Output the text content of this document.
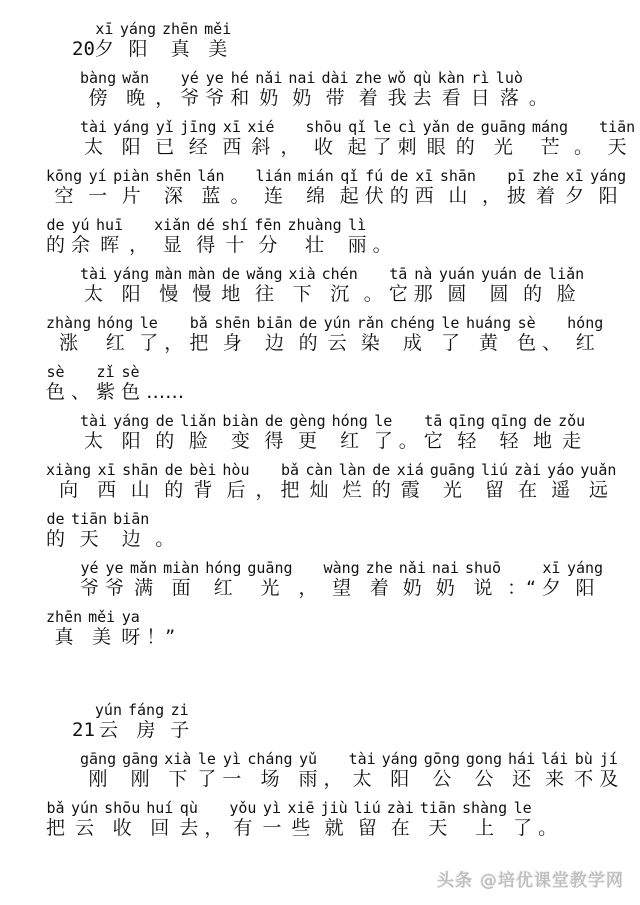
20
xī
夕
yáng
阳
zhēn
真
měi
美
bàng
傍
wǎn
晚 ，
yé
爷
ye
爷
hé
和
nǎi
奶
nai
奶
dài
带
zhe
着
wǒ
我
qù
去
kàn
看
rì
日
luò
落 。
tài
太
yáng
阳
yǐ
已
jīng
经
xī
西
xié
斜 ，
shōu
收
qǐ
起
le
了
cì
刺
yǎn
眼
de
的
guāng
光
máng
芒 。
tiān
天
kōng
空
yí
一
piàn
片
shēn
深
lán
蓝 。
lián
连
mián
绵
qǐ
起
fú
伏
de
的
xī
西
shān
山 ，
pī
披
zhe
着
xī
夕
yáng
阳
de
的
yú
余
huī
晖 ，
xiǎn
显
dé
得
shí
十
fēn
分
zhuàng
壮
lì
丽 。
tài
太
yáng
阳
màn
慢
màn
慢
de
地
wǎng
往
xià
下
chén
沉 。
tā
它
nà
那
yuán
圆
yuán
圆
de
的
liǎn
脸
zhàng
涨
hóng
红
le
了 ，
bǎ
把
shēn
身
biān
边
de
的
yún
云
rǎn
染
chéng
成
le
了
huáng
黄
sè
色 、
hóng
红
sè
色 、
zǐ
紫
sè
色 ……
tài
太
yáng
阳
de
的
liǎn
脸
biàn
变
de
得
gèng
更
hóng
红
le
了 。
tā
它
qīng
轻
qīng
轻
de
地
zǒu
走
xiàng
向
xī
西
shān
山
de
的
bèi
背
hòu
后 ，
bǎ
把
càn
灿
làn
烂
de
的
xiá
霞
guāng
光
liú
留
zài
在
yáo
遥
yuǎn
远
de
的
tiān
天
biān
边 。
yé
爷
ye
爷
mǎn
满
miàn
面
hóng
红
guāng
光	，
wàng
望
zhe
着
nǎi
奶
nai
奶
shuō
说 ：“
xī
夕
yáng
阳
zhēn
真
měi
美
ya
呀 ！”
21
yún
云
fáng
房
zi
子
gāng
刚
gāng
刚
xià
下
le
了
yì
一
cháng
场
yǔ
雨 ，
tài
太
yáng
阳
gōng
公
gong
公
hái
还
lái
来
bù
不
jí
及
bǎ
把
yún
云
shōu
收
huí
回
qù
去 ，
yǒu
有
yì
一
xiē
些
jiù
就
liú
留
zài
在
tiān
天
shàng
上
le
了 。
头条 @培优课堂教学网
